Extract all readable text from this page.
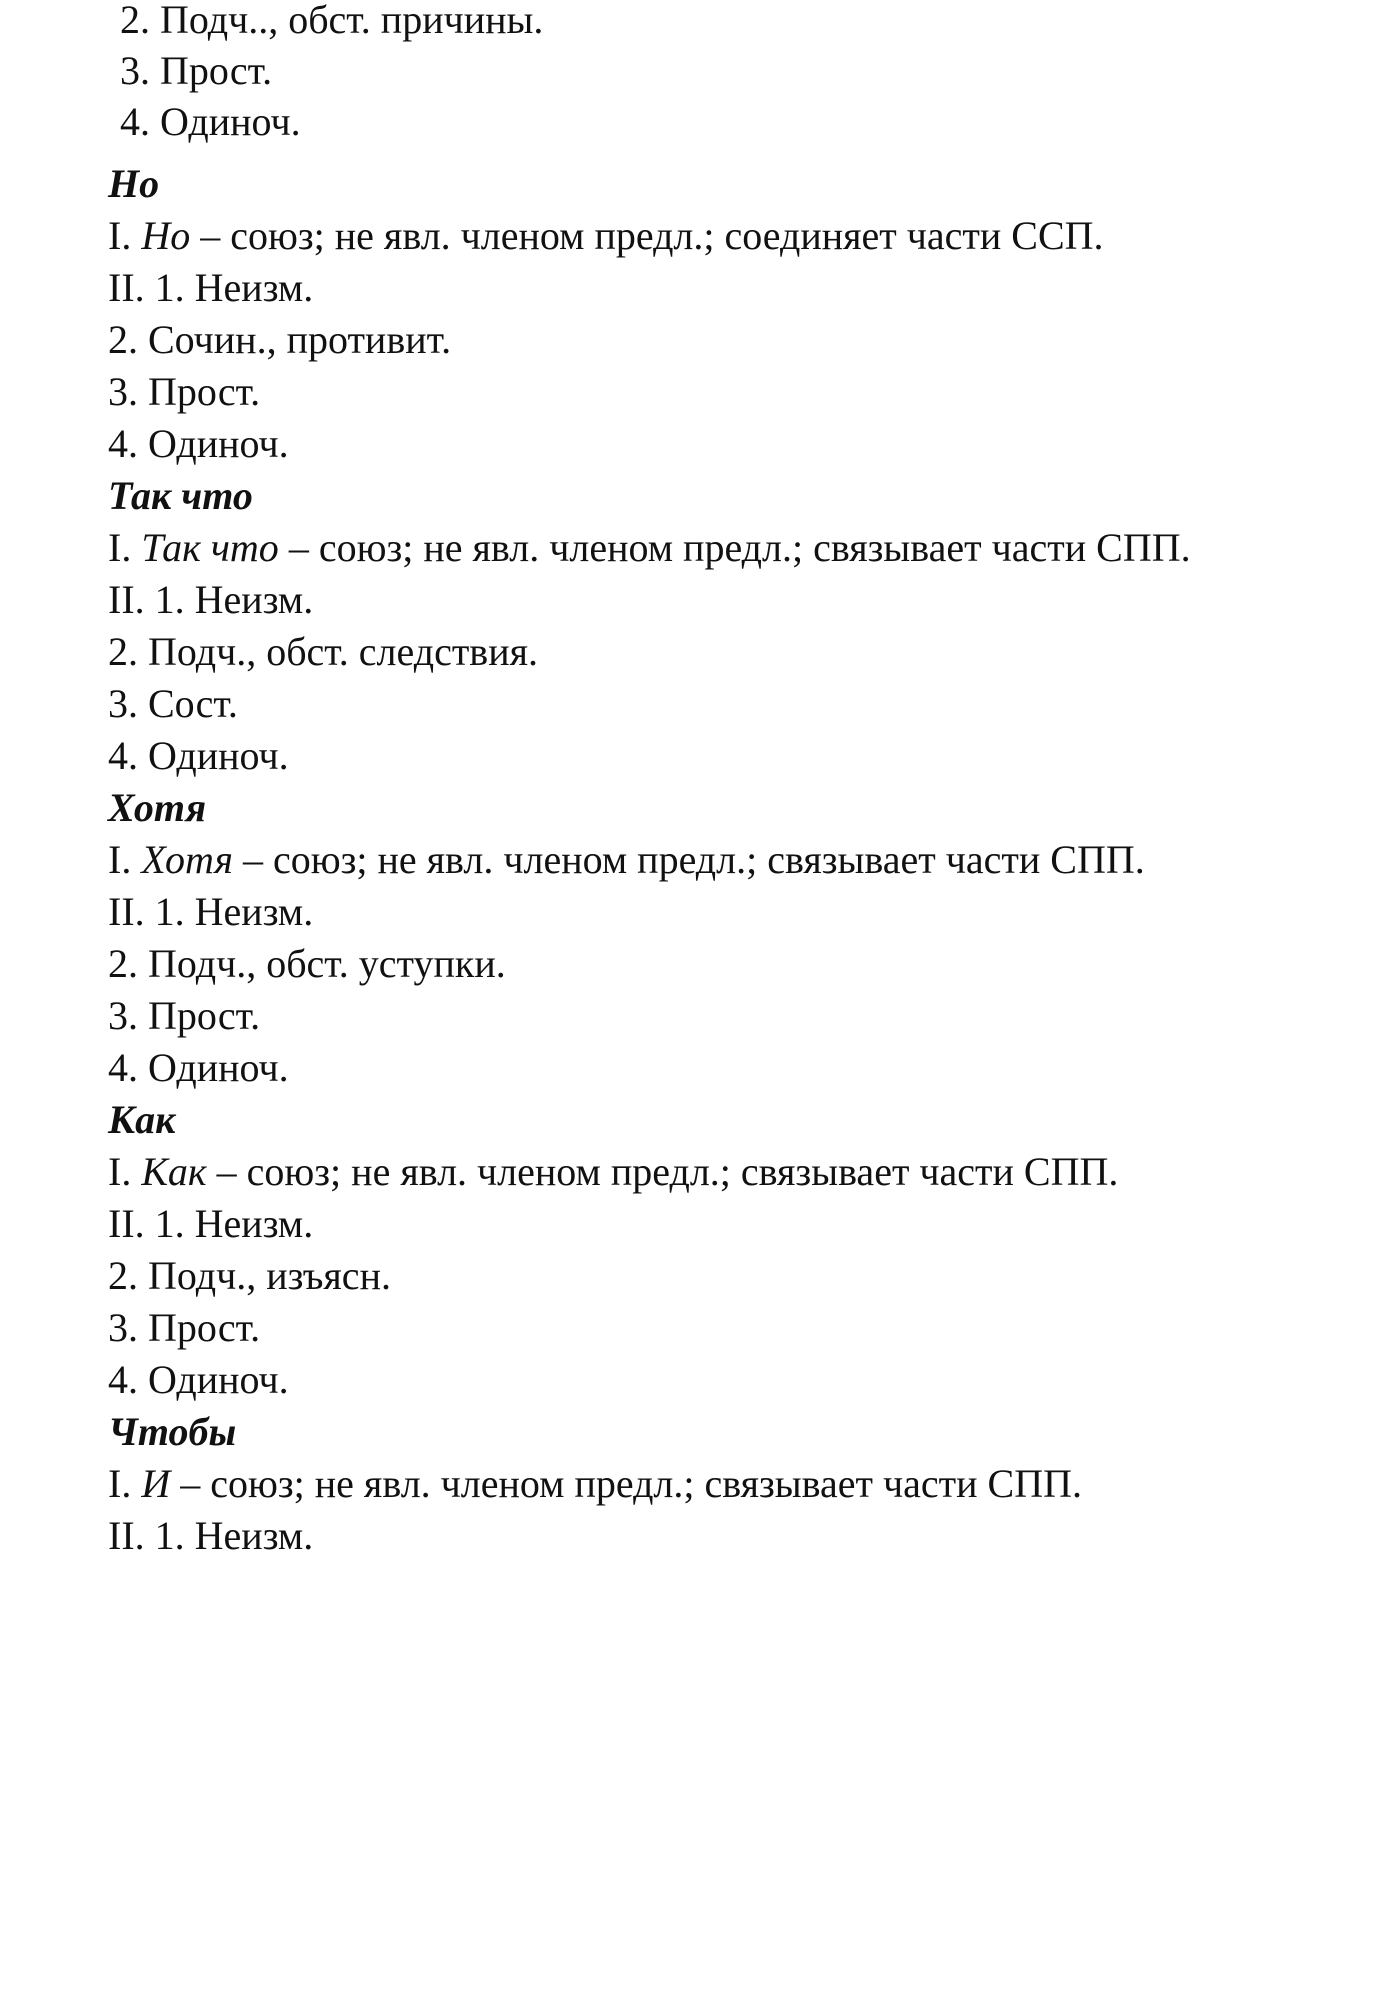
2. Подч.., обст. причины.
3. Прост.
4. Одиноч.
Но
I. Но – союз; не явл. членом предл.; соединяет части ССП.
II. 1. Неизм.
2. Сочин., противит.
3. Прост.
4. Одиноч.
Так что
I. Так что – союз; не явл. членом предл.; связывает части СПП.
II. 1. Неизм.
2. Подч., обст. следствия.
3. Сост.
4. Одиноч.
Хотя
I. Хотя – союз; не явл. членом предл.; связывает части СПП.
II. 1. Неизм.
2. Подч., обст. уступки.
3. Прост.
4. Одиноч.
Как
I. Как – союз; не явл. членом предл.; связывает части СПП.
II. 1. Неизм.
2. Подч., изъясн.
3. Прост.
4. Одиноч.
Чтобы
I. И – союз; не явл. членом предл.; связывает части СПП.
II. 1. Неизм.
